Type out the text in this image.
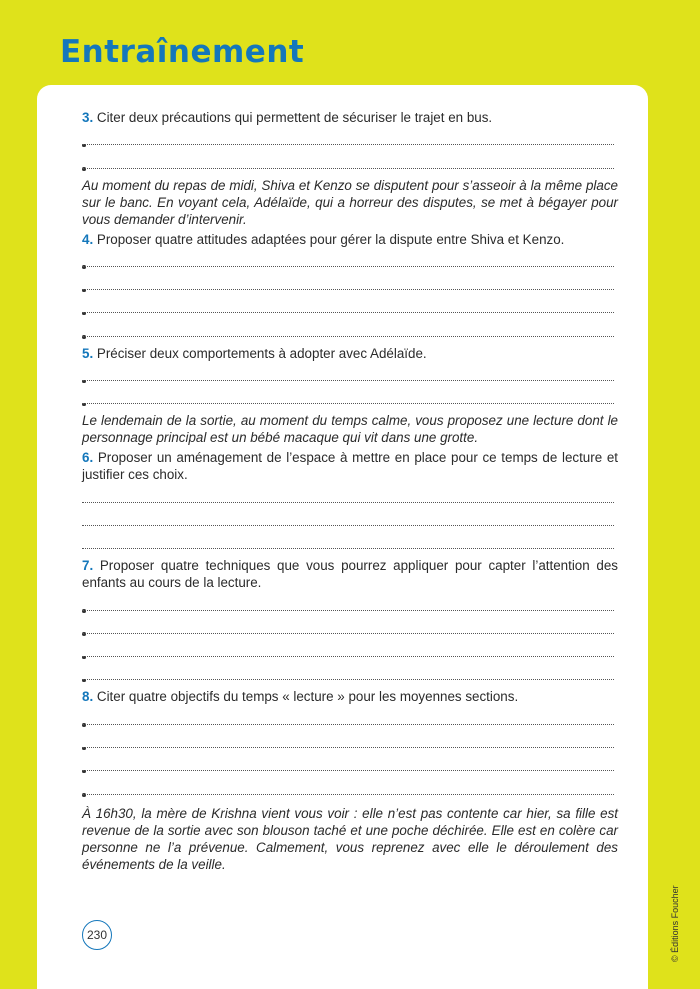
Entraînement

3. Citer deux précautions qui permettent de sécuriser le trajet en bus.

Au moment du repas de midi, Shiva et Kenzo se disputent pour s’asseoir à la même place sur le banc. En voyant cela, Adélaïde, qui a horreur des disputes, se met à bégayer pour vous demander d’intervenir.

4. Proposer quatre attitudes adaptées pour gérer la dispute entre Shiva et Kenzo.

5. Préciser deux comportements à adopter avec Adélaïde.

Le lendemain de la sortie, au moment du temps calme, vous proposez une lecture dont le personnage principal est un bébé macaque qui vit dans une grotte.

6. Proposer un aménagement de l’espace à mettre en place pour ce temps de lecture et justifier ces choix.

7. Proposer quatre techniques que vous pourrez appliquer pour capter l’attention des enfants au cours de la lecture.

8. Citer quatre objectifs du temps « lecture » pour les moyennes sections.

À 16h30, la mère de Krishna vient vous voir : elle n’est pas contente car hier, sa fille est revenue de la sortie avec son blouson taché et une poche déchirée. Elle est en colère car personne ne l’a prévenue. Calmement, vous reprenez avec elle le déroulement des événements de la veille.

230	© Éditions Foucher
